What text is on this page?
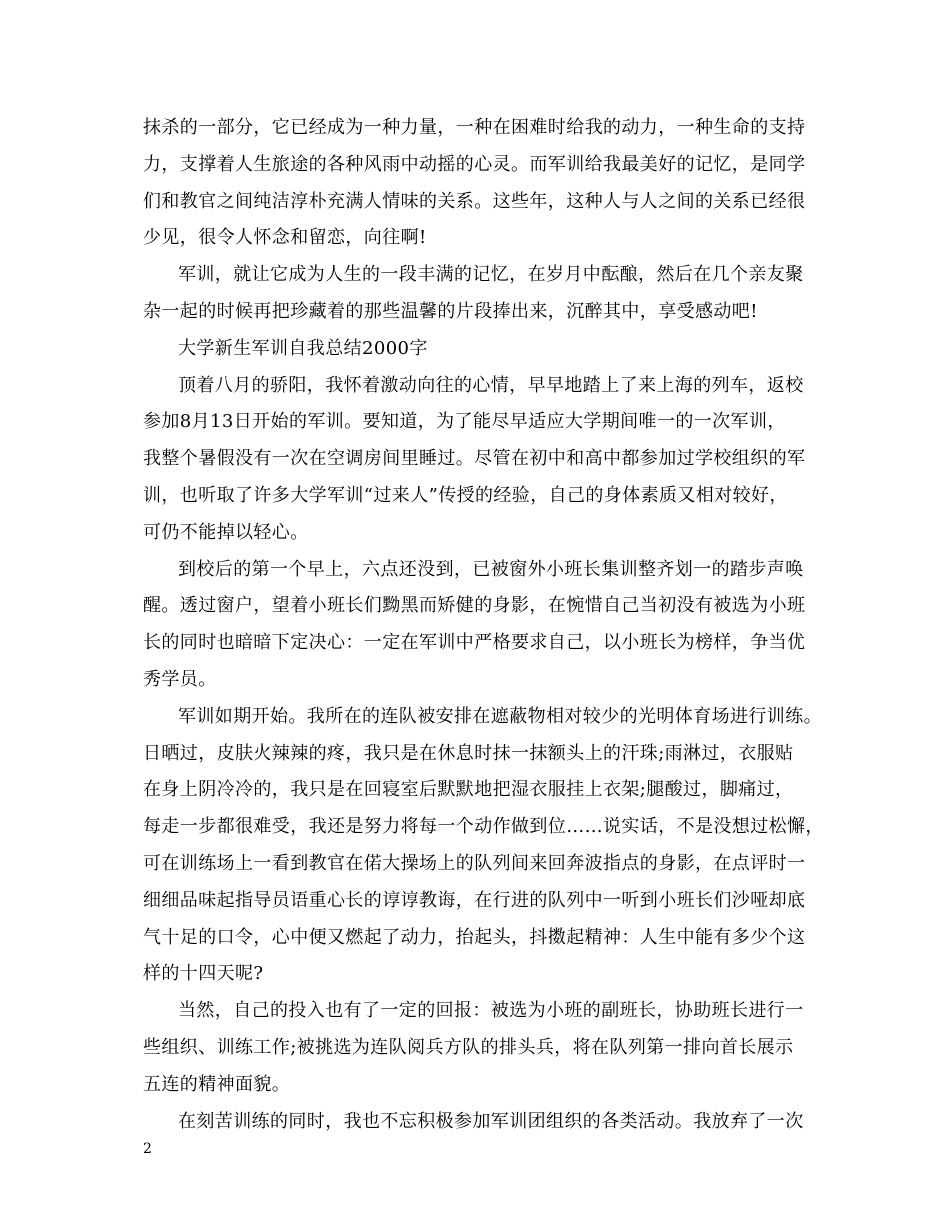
抹杀的一部分，它已经成为一种力量，一种在困难时给我的动力，一种生命的支持
力，支撑着人生旅途的各种风雨中动摇的心灵。而军训给我最美好的记忆，是同学
们和教官之间纯洁淳朴充满人情味的关系。这些年，这种人与人之间的关系已经很
少见，很令人怀念和留恋，向往啊!
军训，就让它成为人生的一段丰满的记忆，在岁月中酝酿，然后在几个亲友聚
杂一起的时候再把珍藏着的那些温馨的片段捧出来，沉醉其中，享受感动吧!
大学新生军训自我总结2000字
顶着八月的骄阳，我怀着激动向往的心情，早早地踏上了来上海的列车，返校
参加8月13日开始的军训。要知道，为了能尽早适应大学期间唯一的一次军训，
我整个暑假没有一次在空调房间里睡过。尽管在初中和高中都参加过学校组织的军
训，也听取了许多大学军训“过来人”传授的经验，自己的身体素质又相对较好，
可仍不能掉以轻心。
到校后的第一个早上，六点还没到，已被窗外小班长集训整齐划一的踏步声唤
醒。透过窗户，望着小班长们黝黑而矫健的身影，在惋惜自己当初没有被选为小班
长的同时也暗暗下定决心：一定在军训中严格要求自己，以小班长为榜样，争当优
秀学员。
军训如期开始。我所在的连队被安排在遮蔽物相对较少的光明体育场进行训练。
日晒过，皮肤火辣辣的疼，我只是在休息时抹一抹额头上的汗珠;雨淋过，衣服贴
在身上阴冷冷的，我只是在回寝室后默默地把湿衣服挂上衣架;腿酸过，脚痛过，
每走一步都很难受，我还是努力将每一个动作做到位……说实话，不是没想过松懈，
可在训练场上一看到教官在偌大操场上的队列间来回奔波指点的身影，在点评时一
细细品味起指导员语重心长的谆谆教诲，在行进的队列中一听到小班长们沙哑却底
气十足的口令，心中便又燃起了动力，抬起头，抖擞起精神：人生中能有多少个这
样的十四天呢?
当然，自己的投入也有了一定的回报：被选为小班的副班长，协助班长进行一
些组织、训练工作;被挑选为连队阅兵方队的排头兵，将在队列第一排向首长展示
五连的精神面貌。
在刻苦训练的同时，我也不忘积极参加军训团组织的各类活动。我放弃了一次
2
